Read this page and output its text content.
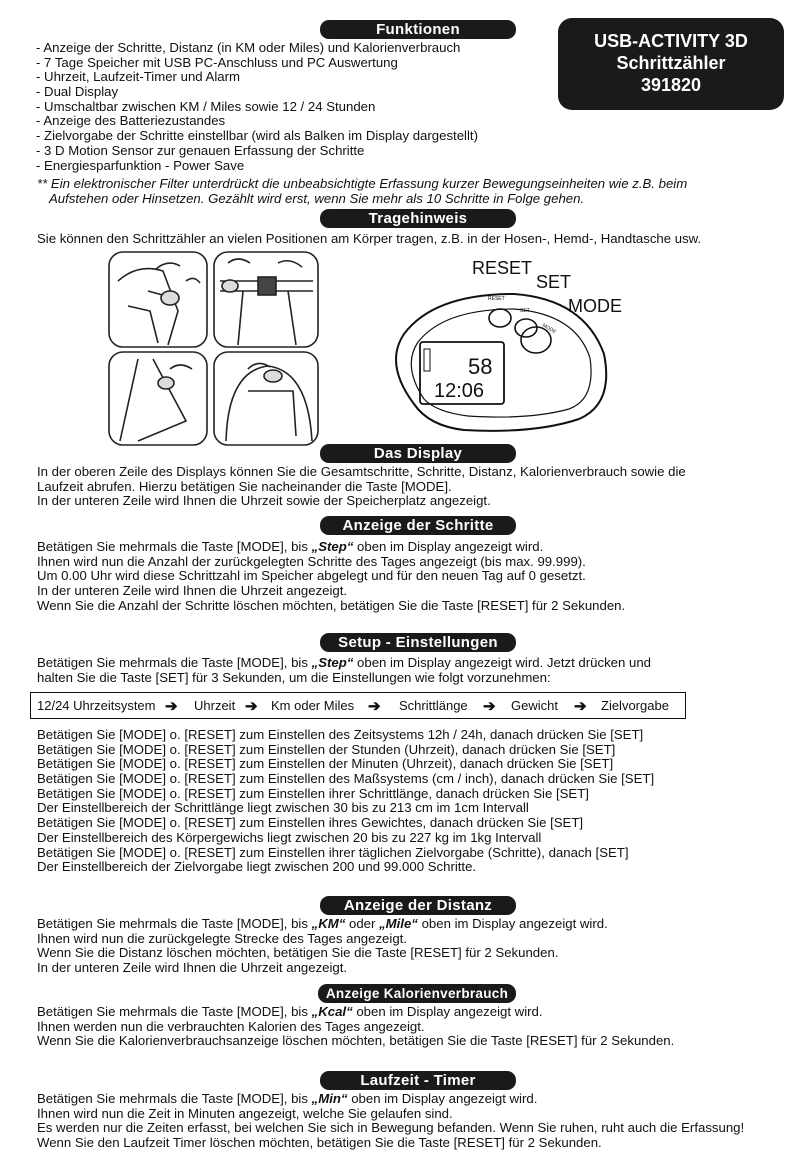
USB-ACTIVITY 3D
Schrittzähler
391820
Funktionen
- Anzeige der Schritte, Distanz (in KM oder Miles) und Kalorienverbrauch
- 7 Tage Speicher mit USB PC-Anschluss und PC Auswertung
- Uhrzeit, Laufzeit-Timer und Alarm
- Dual Display
- Umschaltbar zwischen KM / Miles sowie 12 / 24 Stunden
- Anzeige des Batteriezustandes
- Zielvorgabe der Schritte einstellbar (wird als Balken im Display dargestellt)
- 3 D Motion Sensor zur genauen Erfassung der Schritte
- Energiesparfunktion - Power Save
** Ein elektronischer Filter unterdrückt die unbeabsichtigte Erfassung kurzer Bewegungseinheiten wie z.B. beim
Aufstehen oder Hinsetzen. Gezählt wird erst, wenn Sie mehr als 10 Schritte in Folge gehen.
Tragehinweis
Sie können den Schrittzähler an vielen Positionen am Körper tragen, z.B. in der Hosen-, Hemd-, Handtasche usw.
RESET
SET
MODE
RESET
SET
MODE
58
12:06
Das Display
In der oberen Zeile des Displays können Sie die Gesamtschritte, Schritte, Distanz, Kalorienverbrauch sowie die
Laufzeit abrufen. Hierzu betätigen Sie nacheinander die Taste [MODE].
In der unteren Zeile wird Ihnen die Uhrzeit sowie der Speicherplatz angezeigt.
Anzeige der Schritte
Betätigen Sie mehrmals die Taste [MODE], bis „Step“ oben im Display angezeigt wird.
Ihnen wird nun die Anzahl der zurückgelegten Schritte des Tages angezeigt (bis max. 99.999).
Um 0.00 Uhr wird diese Schrittzahl im Speicher abgelegt und für den neuen Tag auf 0 gesetzt.
In der unteren Zeile wird Ihnen die Uhrzeit angezeigt.
Wenn Sie die Anzahl der Schritte löschen möchten, betätigen Sie die Taste [RESET] für 2 Sekunden.
Setup - Einstellungen
Betätigen Sie mehrmals die Taste [MODE], bis „Step“ oben im Display angezeigt wird. Jetzt drücken und
halten Sie die Taste [SET] für 3 Sekunden, um die Einstellungen wie folgt vorzunehmen:
12/24 Uhrzeitsystem ➔ Uhrzeit ➔ Km oder Miles ➔ Schrittlänge ➔ Gewicht ➔ Zielvorgabe
Betätigen Sie [MODE] o. [RESET] zum Einstellen des Zeitsystems 12h / 24h, danach drücken Sie [SET]
Betätigen Sie [MODE] o. [RESET] zum Einstellen der Stunden (Uhrzeit), danach drücken Sie [SET]
Betätigen Sie [MODE] o. [RESET] zum Einstellen der Minuten (Uhrzeit), danach drücken Sie [SET]
Betätigen Sie [MODE] o. [RESET] zum Einstellen des Maßsystems (cm / inch), danach drücken Sie [SET]
Betätigen Sie [MODE] o. [RESET] zum Einstellen ihrer Schrittlänge, danach drücken Sie [SET]
Der Einstellbereich der Schrittlänge liegt zwischen 30 bis zu 213 cm im 1cm Intervall
Betätigen Sie [MODE] o. [RESET] zum Einstellen ihres Gewichtes, danach drücken Sie [SET]
Der Einstellbereich des Körpergewichs liegt zwischen 20 bis zu 227 kg im 1kg Intervall
Betätigen Sie [MODE] o. [RESET] zum Einstellen ihrer täglichen Zielvorgabe (Schritte), danach [SET]
Der Einstellbereich der Zielvorgabe liegt zwischen 200 und 99.000 Schritte.
Anzeige der Distanz
Betätigen Sie mehrmals die Taste [MODE], bis „KM“ oder „Mile“ oben im Display angezeigt wird.
Ihnen wird nun die zurückgelegte Strecke des Tages angezeigt.
Wenn Sie die Distanz löschen möchten, betätigen Sie die Taste [RESET] für 2 Sekunden.
In der unteren Zeile wird Ihnen die Uhrzeit angezeigt.
Anzeige Kalorienverbrauch
Betätigen Sie mehrmals die Taste [MODE], bis „Kcal“ oben im Display angezeigt wird.
Ihnen werden nun die verbrauchten Kalorien des Tages angezeigt.
Wenn Sie die Kalorienverbrauchsanzeige löschen möchten, betätigen Sie die Taste [RESET] für 2 Sekunden.
Laufzeit - Timer
Betätigen Sie mehrmals die Taste [MODE], bis „Min“ oben im Display angezeigt wird.
Ihnen wird nun die Zeit in Minuten angezeigt, welche Sie gelaufen sind.
Es werden nur die Zeiten erfasst, bei welchen Sie sich in Bewegung befanden. Wenn Sie ruhen, ruht auch die Erfassung!
Wenn Sie den Laufzeit Timer löschen möchten, betätigen Sie die Taste [RESET] für 2 Sekunden.
